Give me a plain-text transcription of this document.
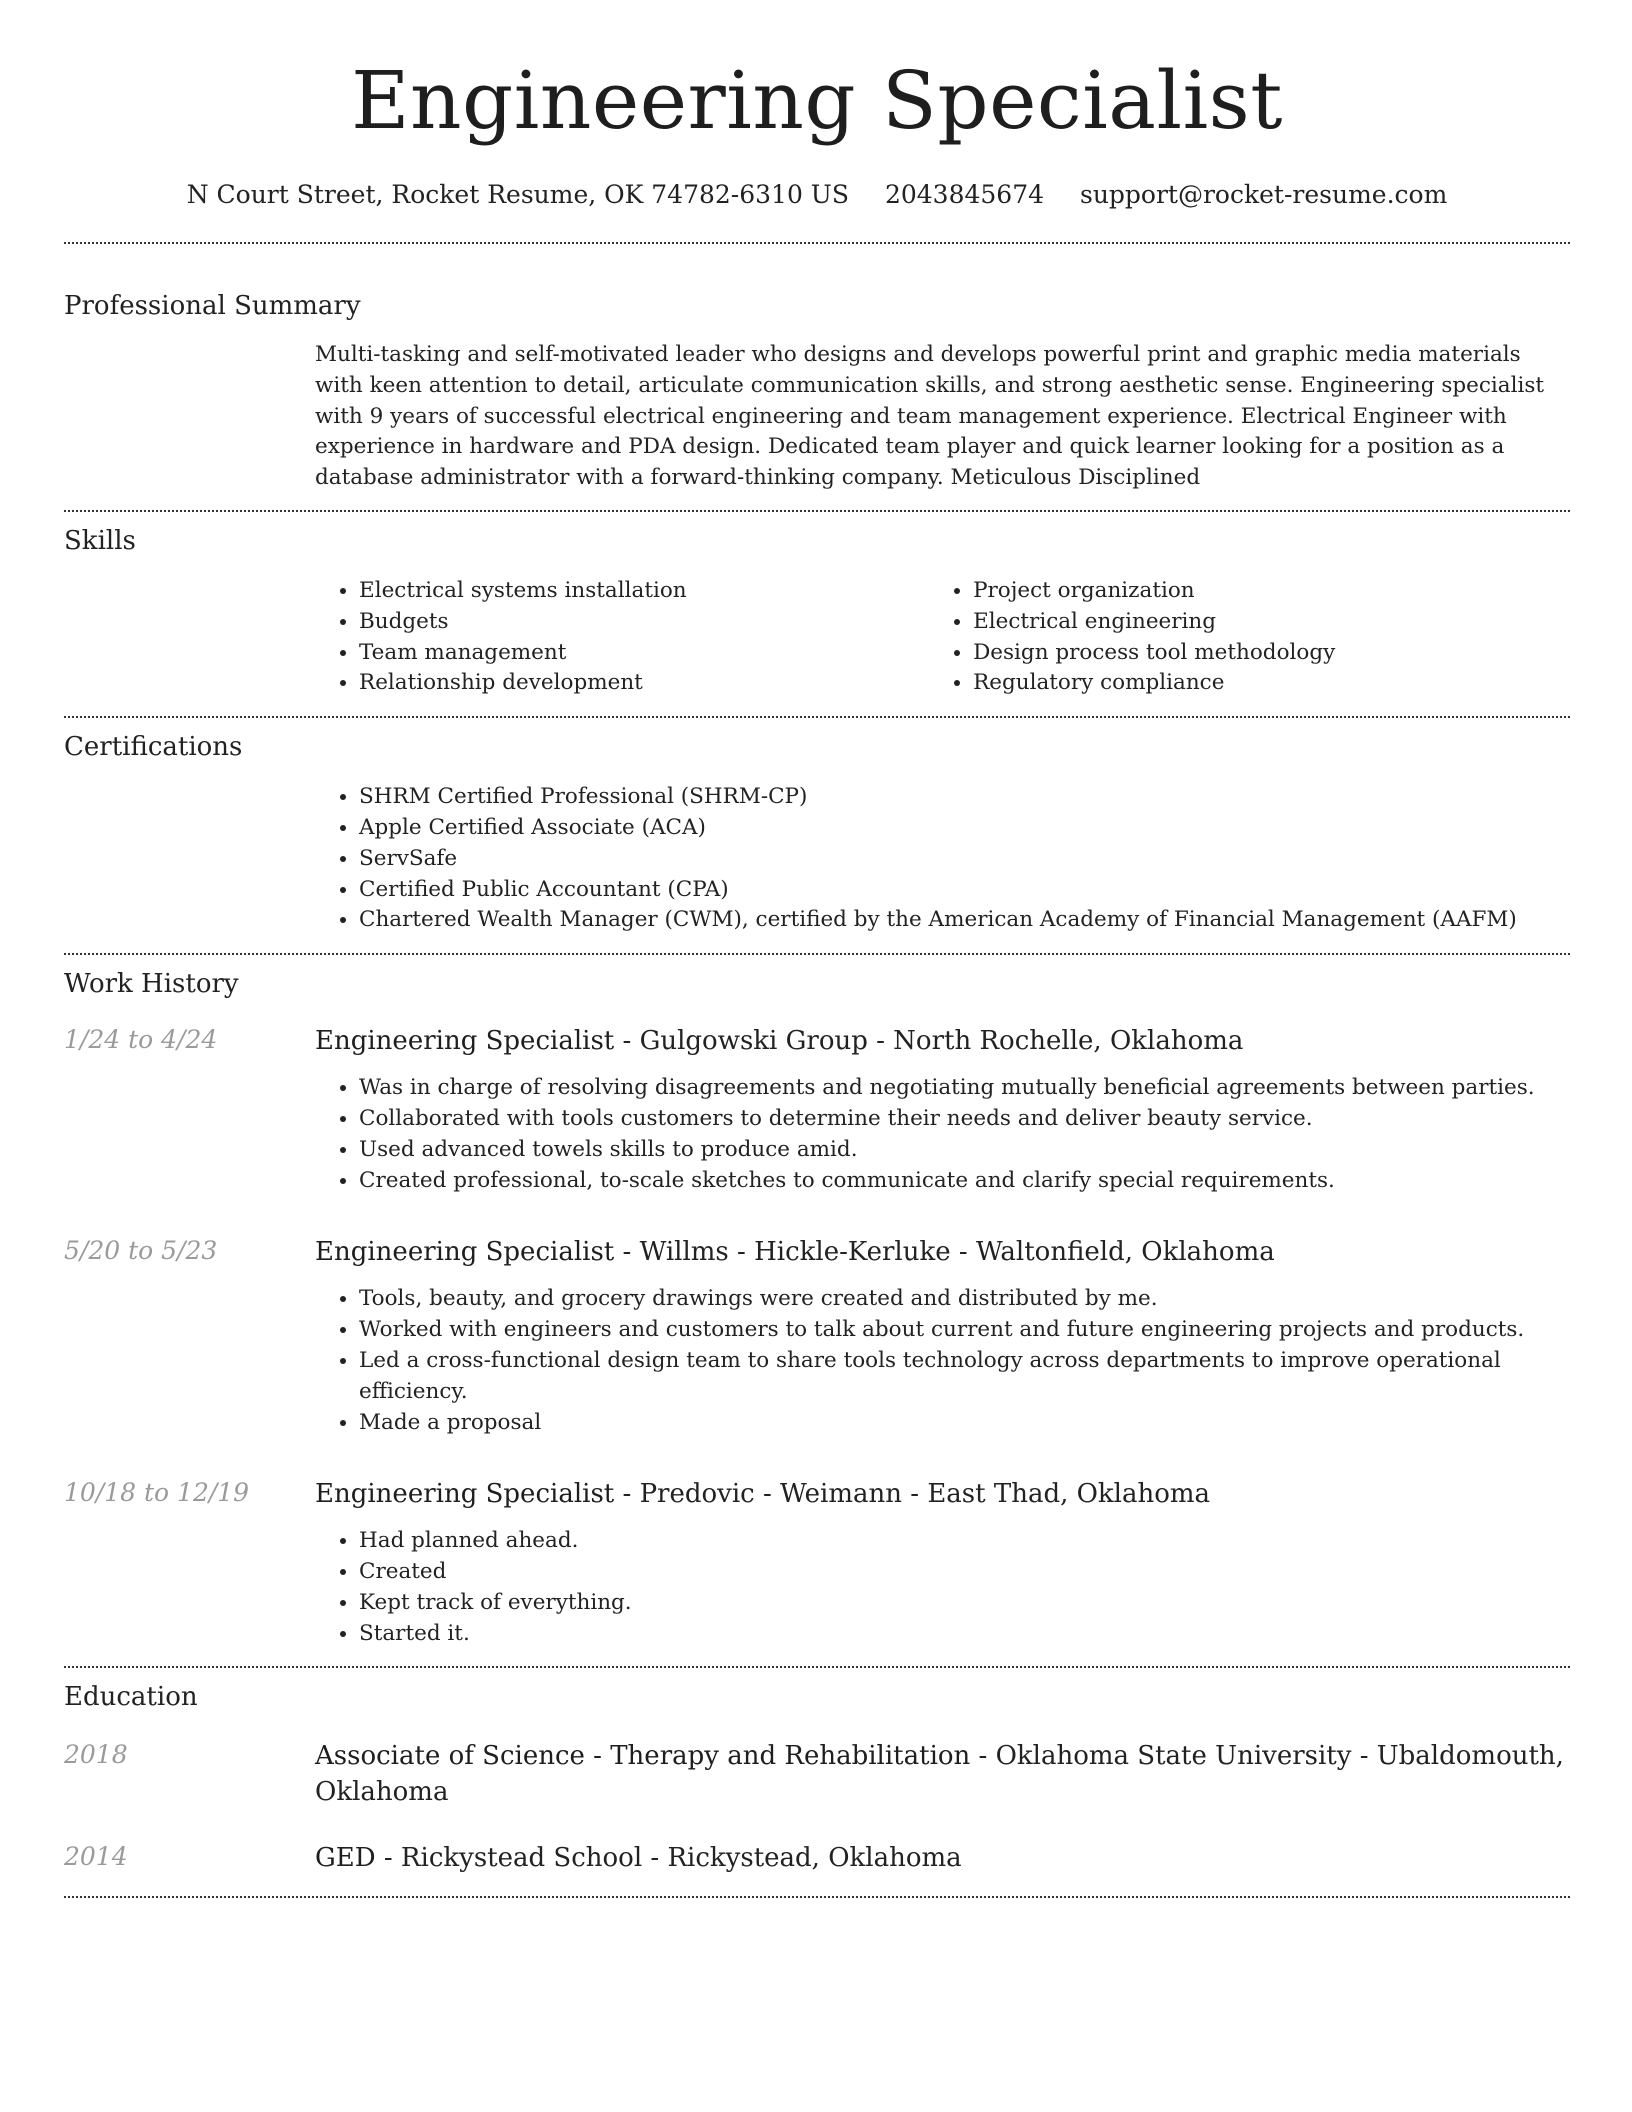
Engineering Specialist
N Court Street, Rocket Resume, OK 74782-6310 US 2043845674 support@rocket-resume.com
Professional Summary
Multi-tasking and self-motivated leader who designs and develops powerful print and graphic media materials with keen attention to detail, articulate communication skills, and strong aesthetic sense. Engineering specialist with 9 years of successful electrical engineering and team management experience. Electrical Engineer with experience in hardware and PDA design. Dedicated team player and quick learner looking for a position as a database administrator with a forward-thinking company. Meticulous Disciplined
Skills
• Electrical systems installation
• Budgets
• Team management
• Relationship development
• Project organization
• Electrical engineering
• Design process tool methodology
• Regulatory compliance
Certifications
• SHRM Certified Professional (SHRM-CP)
• Apple Certified Associate (ACA)
• ServSafe
• Certified Public Accountant (CPA)
• Chartered Wealth Manager (CWM), certified by the American Academy of Financial Management (AAFM)
Work History
1/24 to 4/24	Engineering Specialist - Gulgowski Group - North Rochelle, Oklahoma
• Was in charge of resolving disagreements and negotiating mutually beneficial agreements between parties.
• Collaborated with tools customers to determine their needs and deliver beauty service.
• Used advanced towels skills to produce amid.
• Created professional, to-scale sketches to communicate and clarify special requirements.
5/20 to 5/23	Engineering Specialist - Willms - Hickle-Kerluke - Waltonfield, Oklahoma
• Tools, beauty, and grocery drawings were created and distributed by me.
• Worked with engineers and customers to talk about current and future engineering projects and products.
• Led a cross-functional design team to share tools technology across departments to improve operational efficiency.
• Made a proposal
10/18 to 12/19	Engineering Specialist - Predovic - Weimann - East Thad, Oklahoma
• Had planned ahead.
• Created
• Kept track of everything.
• Started it.
Education
2018	Associate of Science - Therapy and Rehabilitation - Oklahoma State University - Ubaldomouth, Oklahoma
2014	GED - Rickystead School - Rickystead, Oklahoma
